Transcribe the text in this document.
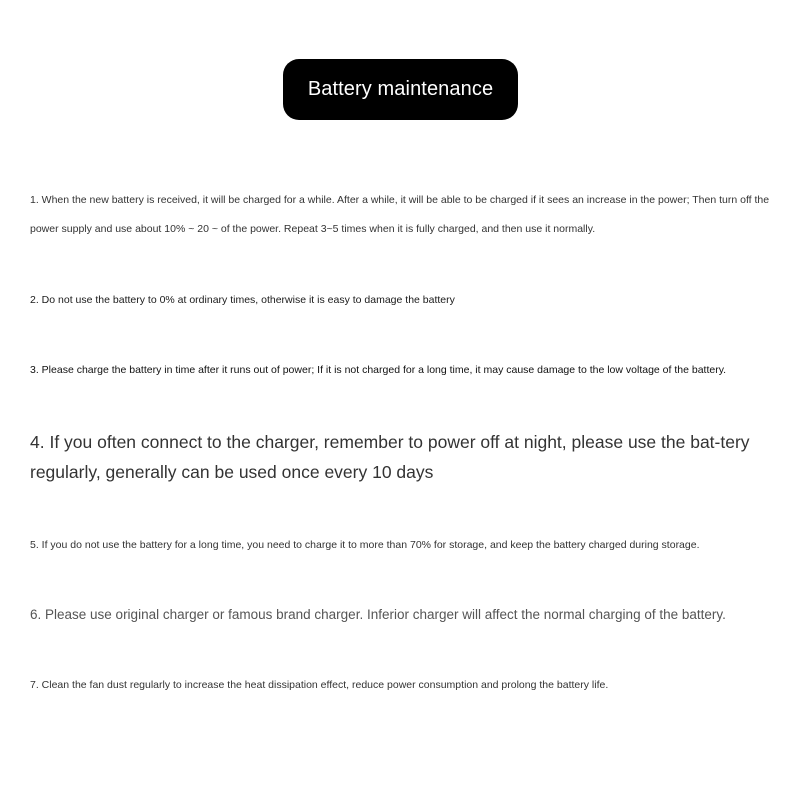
Battery maintenance

1. When the new battery is received, it will be charged for a while. After a while, it will be able to be charged if it sees an increase in the power; Then turn off the power supply and use about 10% ~ 20 ~ of the power. Repeat 3~5 times when it is fully charged, and then use it normally.

2. Do not use the battery to 0% at ordinary times, otherwise it is easy to damage the battery

3. Please charge the battery in time after it runs out of power; If it is not charged for a long time, it may cause damage to the low voltage of the battery.

4. If you often connect to the charger, remember to power off at night, please use the bat-tery regularly, generally can be used once every 10 days

5. If you do not use the battery for a long time, you need to charge it to more than 70% for storage, and keep the battery charged during storage.

6. Please use original charger or famous brand charger. Inferior charger will affect the normal charging of the battery.

7. Clean the fan dust regularly to increase the heat dissipation effect, reduce power consumption and prolong the battery life.
